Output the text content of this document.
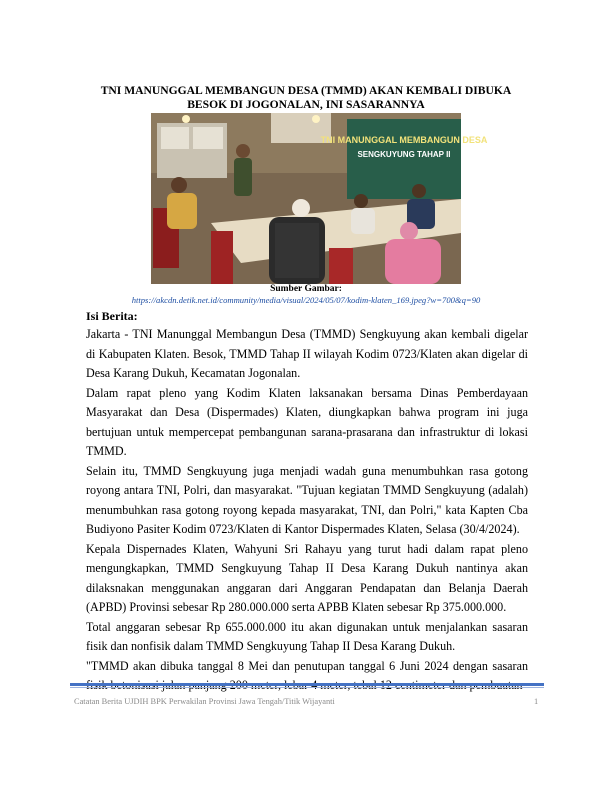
TNI MANUNGGAL MEMBANGUN DESA (TMMD) AKAN KEMBALI DIBUKA
BESOK DI JOGONALAN, INI SASARANNYA
TNI MANUNGGAL MEMBANGUN DESA
SENGKUYUNG TAHAP II
Sumber Gambar:
https://akcdn.detik.net.id/community/media/visual/2024/05/07/kodim-klaten_169.jpeg?w=700&q=90
Isi Berita:

Jakarta - TNI Manunggal Membangun Desa (TMMD) Sengkuyung akan kembali digelar di Kabupaten Klaten. Besok, TMMD Tahap II wilayah Kodim 0723/Klaten akan digelar di Desa Karang Dukuh, Kecamatan Jogonalan.

Dalam rapat pleno yang Kodim Klaten laksanakan bersama Dinas Pemberdayaan Masyarakat dan Desa (Dispermades) Klaten, diungkapkan bahwa program ini juga bertujuan untuk mempercepat pembangunan sarana-prasarana dan infrastruktur di lokasi TMMD.

Selain itu, TMMD Sengkuyung juga menjadi wadah guna menumbuhkan rasa gotong royong antara TNI, Polri, dan masyarakat. "Tujuan kegiatan TMMD Sengkuyung (adalah) menumbuhkan rasa gotong royong kepada masyarakat, TNI, dan Polri," kata Kapten Cba Budiyono Pasiter Kodim 0723/Klaten di Kantor Dispermades Klaten, Selasa (30/4/2024).

Kepala Dispernades Klaten, Wahyuni Sri Rahayu yang turut hadi dalam rapat pleno mengungkapkan, TMMD Sengkuyung Tahap II Desa Karang Dukuh nantinya akan dilaksnakan menggunakan anggaran dari Anggaran Pendapatan dan Belanja Daerah (APBD) Provinsi sebesar Rp 280.000.000 serta APBB Klaten sebesar Rp 375.000.000.

Total anggaran sebesar Rp 655.000.000 itu akan digunakan untuk menjalankan sasaran fisik dan nonfisik dalam TMMD Sengkuyung Tahap II Desa Karang Dukuh.

"TMMD akan dibuka tanggal 8 Mei dan penutupan tanggal 6 Juni 2024 dengan sasaran

Catatan Berita UJDIH BPK Perwakilan Provinsi Jawa Tengah/Titik Wijayanti	1
